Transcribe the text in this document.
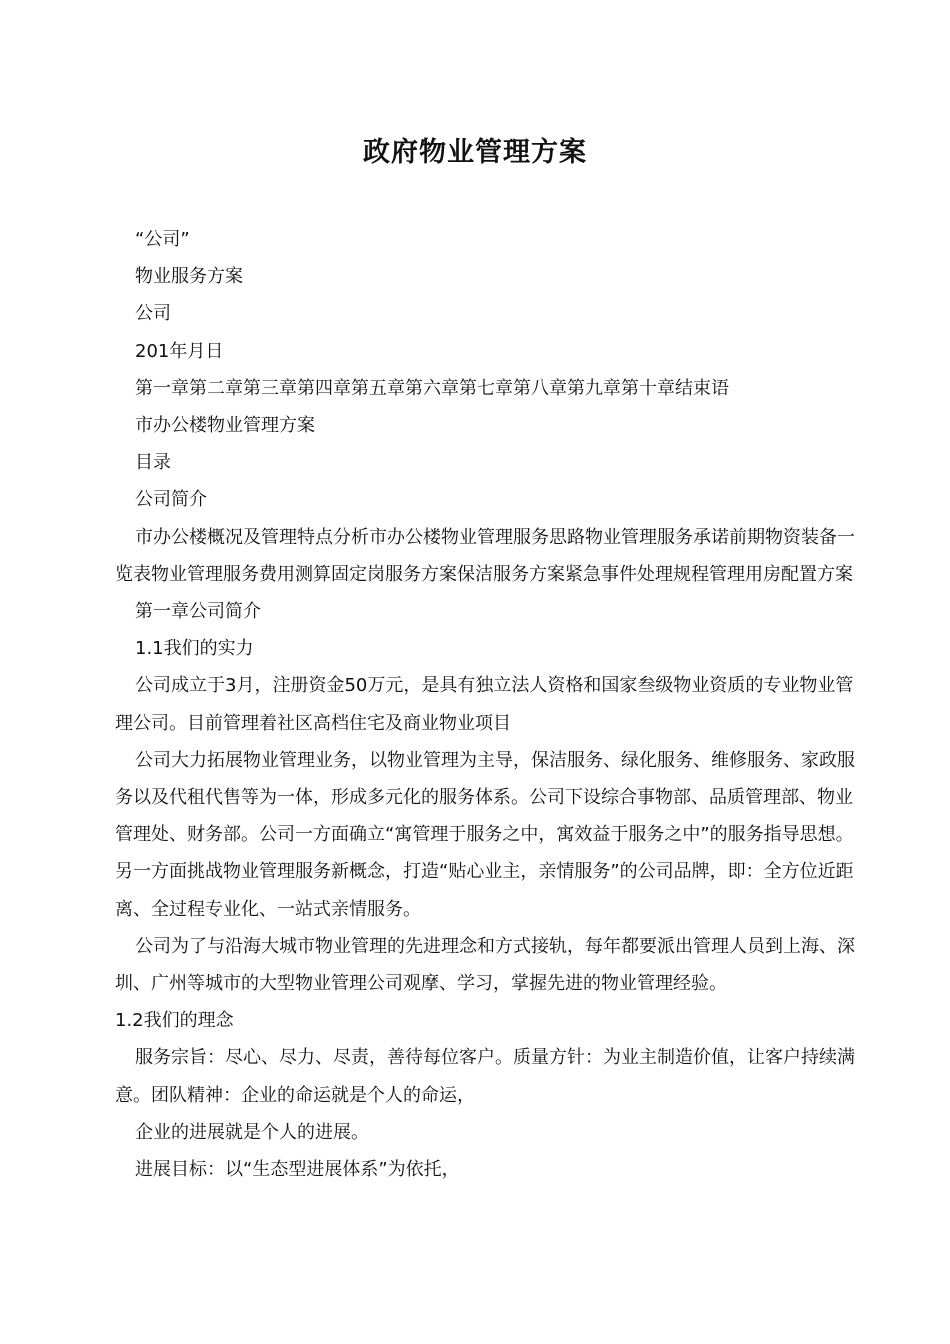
政府物业管理方案

“公司”

物业服务方案

公司

201年月日

第一章第二章第三章第四章第五章第六章第七章第八章第九章第十章结束语

市办公楼物业管理方案

目录

公司简介

市办公楼概况及管理特点分析市办公楼物业管理服务思路物业管理服务承诺前期物资装备一览表物业管理服务费用测算固定岗服务方案保洁服务方案紧急事件处理规程管理用房配置方案

第一章公司简介

1.1我们的实力

公司成立于3月，注册资金50万元，是具有独立法人资格和国家叁级物业资质的专业物业管理公司。目前管理着社区高档住宅及商业物业项目

公司大力拓展物业管理业务，以物业管理为主导，保洁服务、绿化服务、维修服务、家政服务以及代租代售等为一体，形成多元化的服务体系。公司下设综合事物部、品质管理部、物业管理处、财务部。公司一方面确立“寓管理于服务之中，寓效益于服务之中”的服务指导思想。另一方面挑战物业管理服务新概念，打造“贴心业主，亲情服务”的公司品牌，即：全方位近距离、全过程专业化、一站式亲情服务。

公司为了与沿海大城市物业管理的先进理念和方式接轨，每年都要派出管理人员到上海、深圳、广州等城市的大型物业管理公司观摩、学习，掌握先进的物业管理经验。

1.2我们的理念

服务宗旨：尽心、尽力、尽责，善待每位客户。质量方针：为业主制造价值，让客户持续满意。团队精神：企业的命运就是个人的命运，

企业的进展就是个人的进展。

进展目标：以“生态型进展体系”为依托，
